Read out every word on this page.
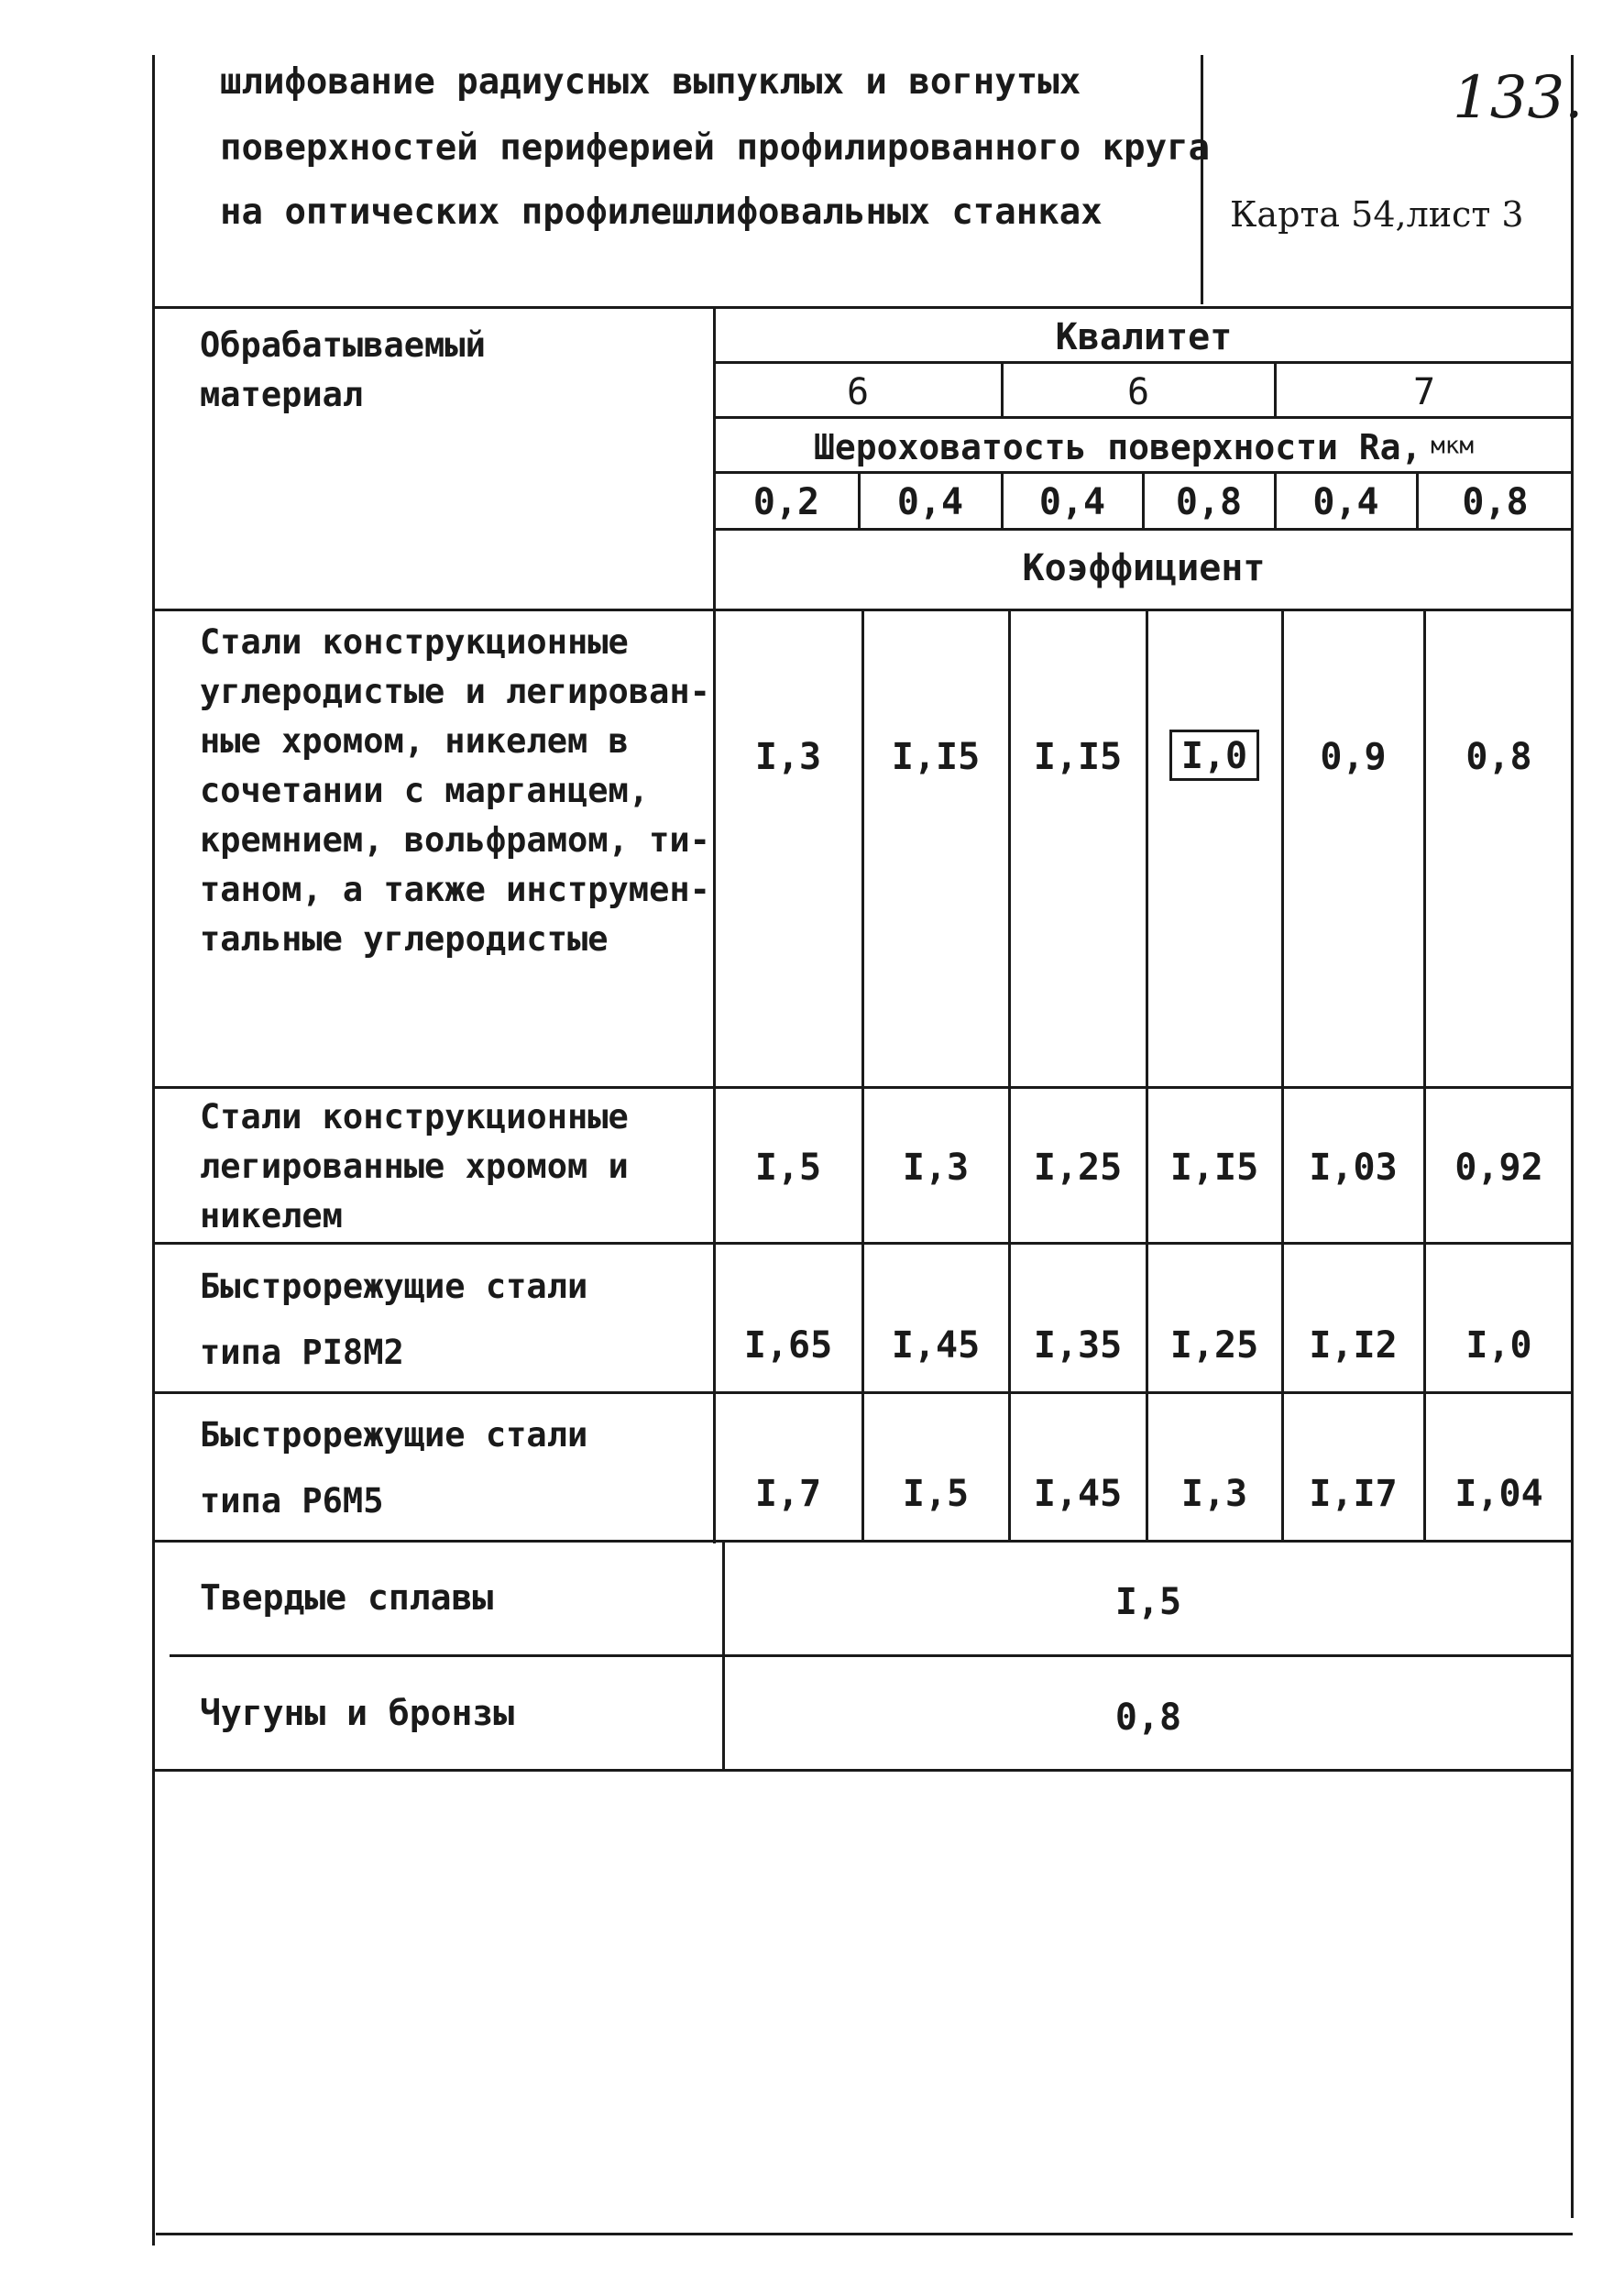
шлифование радиусных выпуклых и вогнутых
поверхностей периферией профилированного круга
на оптических профилешлифовальных станках
133.
Карта 54,лист 3
Обрабатываемый
материал
Квалитет
6	6	7
Шероховатость поверхности Ra, $^{мкм}$
0,2	0,4	0,4	0,8	0,4	0,8
Коэффициент
Стали конструкционные
углеродистые и легирован-
ные хромом, никелем в
сочетании с марганцем,
кремнием, вольфрамом, ти-
таном, а также инструмен-
тальные углеродистые
I,3	I,I5	I,I5	I,0	0,9	0,8
Стали конструкционные
легированные хромом и
никелем
I,5	I,3	I,25	I,I5	I,03	0,92
Быстрорежущие стали
типа PI8M2	I,65	I,45	I,35	I,25	I,I2	I,0
Быстрорежущие стали
типа P6M5	I,7	I,5	I,45	I,3	I,I7	I,04
Твердые сплавы	I,5
Чугуны и бронзы	0,8
